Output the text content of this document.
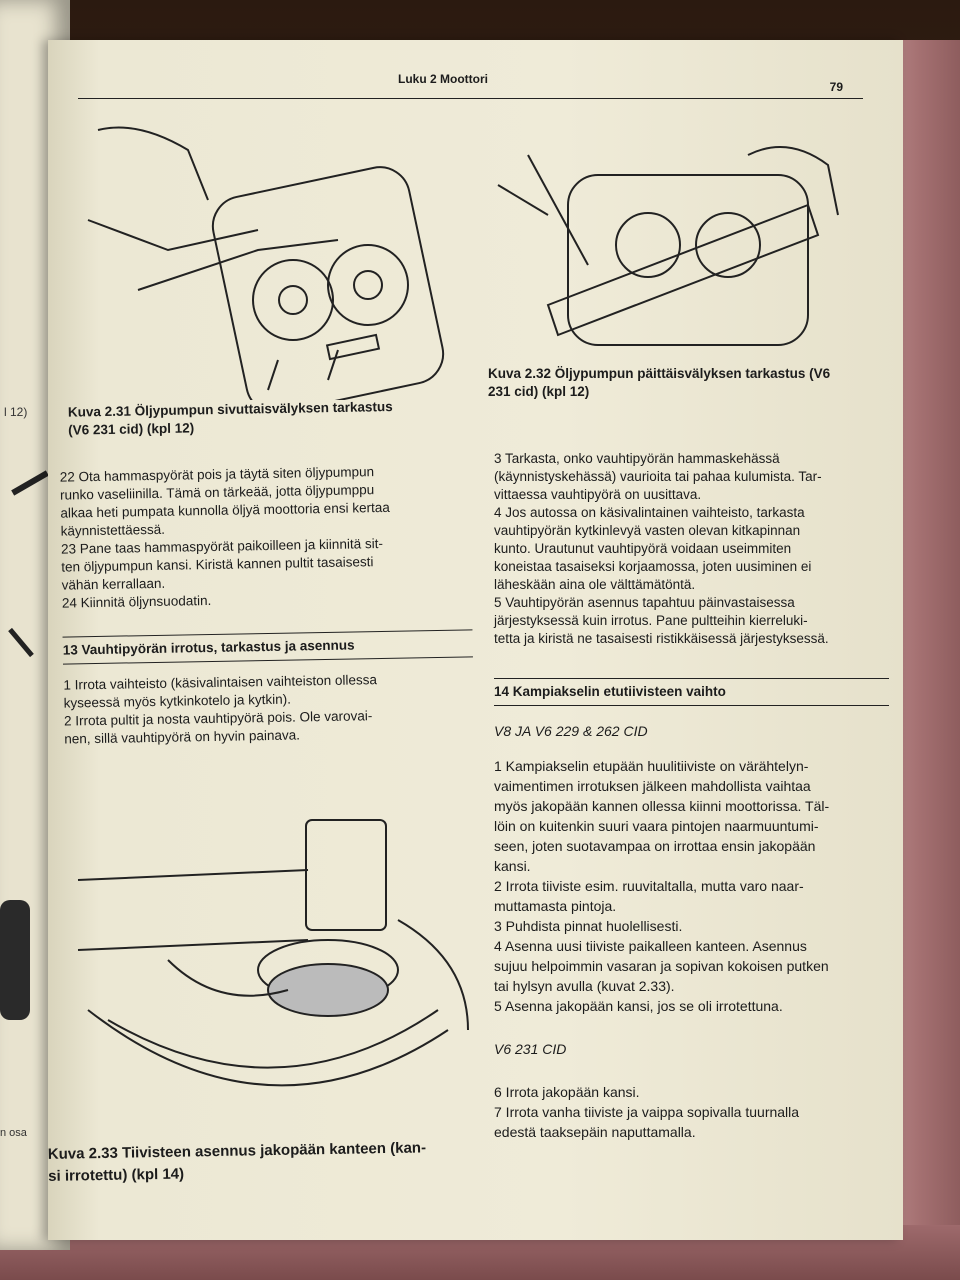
l 12)
n osa
Luku 2 Moottori
79
Kuva 2.31 Öljypumpun sivuttaisvälyksen tarkastus
(V6 231 cid) (kpl 12)
Kuva 2.32 Öljypumpun päittäisvälyksen tarkastus (V6
231 cid) (kpl 12)

22 Ota hammaspyörät pois ja täytä siten öljypumpun

runko vaseliinilla. Tämä on tärkeää, jotta öljypumppu

alkaa heti pumpata kunnolla öljyä moottoria ensi kertaa

käynnistettäessä.

23 Pane taas hammaspyörät paikoilleen ja kiinnitä sit-

ten öljypumpun kansi. Kiristä kannen pultit tasaisesti

vähän kerrallaan.

24 Kiinnitä öljynsuodatin.

13 Vauhtipyörän irrotus, tarkastus ja asennus

1 Irrota vaihteisto (käsivalintaisen vaihteiston ollessa

kyseessä myös kytkinkotelo ja kytkin).

2 Irrota pultit ja nosta vauhtipyörä pois. Ole varovai-

nen, sillä vauhtipyörä on hyvin painava.

Kuva 2.33 Tiivisteen asennus jakopään kanteen (kan-
si irrotettu) (kpl 14)

3 Tarkasta, onko vauhtipyörän hammaskehässä

(käynnistyskehässä) vaurioita tai pahaa kulumista. Tar-

vittaessa vauhtipyörä on uusittava.

4 Jos autossa on käsivalintainen vaihteisto, tarkasta

vauhtipyörän kytkinlevyä vasten olevan kitkapinnan

kunto. Urautunut vauhtipyörä voidaan useimmiten

koneistaa tasaiseksi korjaamossa, joten uusiminen ei

läheskään aina ole välttämätöntä.

5 Vauhtipyörän asennus tapahtuu päinvastaisessa

järjestyksessä kuin irrotus. Pane pultteihin kierreluki-

tetta ja kiristä ne tasaisesti ristikkäisessä järjestyksessä.

14 Kampiakselin etutiivisteen vaihto

V8 JA V6 229 & 262 CID

1 Kampiakselin etupään huulitiiviste on värähtelyn-

vaimentimen irrotuksen jälkeen mahdollista vaihtaa

myös jakopään kannen ollessa kiinni moottorissa. Täl-

löin on kuitenkin suuri vaara pintojen naarmuuntumi-

seen, joten suotavampaa on irrottaa ensin jakopään

kansi.

2 Irrota tiiviste esim. ruuvitaltalla, mutta varo naar-

muttamasta pintoja.

3 Puhdista pinnat huolellisesti.

4 Asenna uusi tiiviste paikalleen kanteen. Asennus

sujuu helpoimmin vasaran ja sopivan kokoisen putken

tai hylsyn avulla (kuvat 2.33).

5 Asenna jakopään kansi, jos se oli irrotettuna.

V6 231 CID

6 Irrota jakopään kansi.

7 Irrota vanha tiiviste ja vaippa sopivalla tuurnalla

edestä taaksepäin naputtamalla.
